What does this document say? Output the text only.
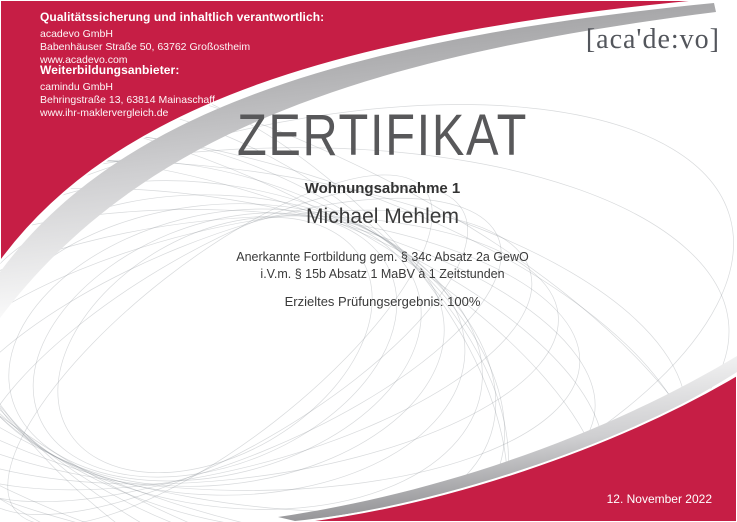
Qualitätssicherung und inhaltlich verantwortlich:

acadevo GmbH

Babenhäuser Straße 50, 63762 Großostheim

www.acadevo.com

Weiterbildungsanbieter:

camindu GmbH

Behringstraße 13, 63814 Mainaschaff

www.ihr-maklervergleich.de

[aca'de:vo]
ZERTIFIKAT

Wohnungsabnahme 1

Michael Mehlem

Anerkannte Fortbildung gem. § 34c Absatz 2a GewO
i.V.m. § 15b Absatz 1 MaBV à 1 Zeitstunden

Erzieltes Prüfungsergebnis: 100%

12. November 2022
